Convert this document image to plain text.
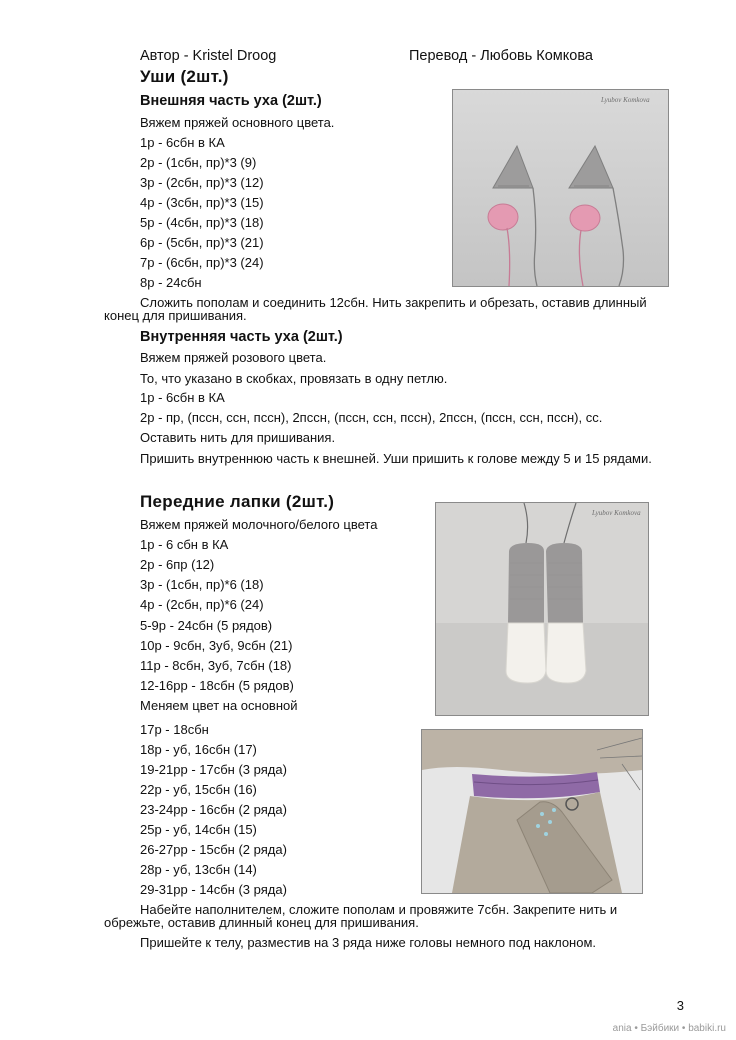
Автор - Kristel Droog	Перевод - Любовь Комкова
Уши (2шт.)
Внешняя часть уха (2шт.)
Вяжем пряжей основного цвета.
1р - 6сбн в КА
2р - (1сбн, пр)*3 (9)
3р - (2сбн, пр)*3 (12)
4р - (3сбн, пр)*3 (15)
5р - (4сбн, пр)*3 (18)
6р - (5сбн, пр)*3 (21)
7р - (6сбн, пр)*3 (24)
8р - 24сбн
Сложить пополам и соединить 12сбн. Нить закрепить и обрезать, оставив длинный
конец для пришивания.
Внутренняя часть уха (2шт.)
Вяжем пряжей розового цвета.
То, что указано в скобках, провязать в одну петлю.
1р - 6сбн в КА
2р - пр, (пссн, ссн, пссн), 2пссн, (пссн, ссн, пссн), 2пссн, (пссн, ссн, пссн), сс.
Оставить нить для пришивания.
Пришить внутреннюю часть к внешней. Уши пришить к голове между 5 и 15 рядами.
Lyubov Komkova
Передние лапки (2шт.)
Вяжем пряжей молочного/белого цвета
1р - 6 сбн в КА
2р - 6пр (12)
3р - (1сбн, пр)*6 (18)
4р - (2сбн, пр)*6 (24)
5-9р - 24сбн (5 рядов)
10р - 9сбн, 3уб, 9сбн (21)
11р - 8сбн, 3уб, 7сбн (18)
12-16рр - 18сбн (5 рядов)
Меняем цвет на основной
17р - 18сбн
18р - уб, 16сбн (17)
19-21рр - 17сбн (3 ряда)
22р - уб, 15сбн (16)
23-24рр - 16сбн (2 ряда)
25р - уб, 14сбн (15)
26-27рр - 15сбн (2 ряда)
28р - уб, 13сбн (14)
29-31рр - 14сбн (3 ряда)
Набейте наполнителем, сложите пополам и провяжите 7сбн. Закрепите нить и
обрежьте, оставив длинный конец для пришивания.
Пришейте к телу, разместив на 3 ряда ниже головы немного под наклоном.
Lyubov Komkova
3
ania • Бэйбики • babiki.ru
